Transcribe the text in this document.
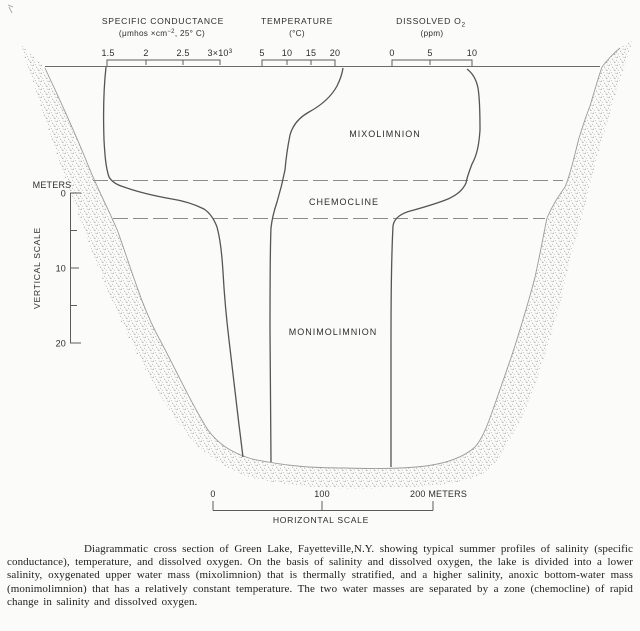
SPECIFIC CONDUCTANCE
(μmhos $\times cm^{-2}$, 25° C)
1.5	2	2.5 $3\times 10^3$
TEMPERATURE
(°C)
5 10 15 20
DISSOLVED $O_2$
(ppm)
0	5	10
MIXOLIMNION
CHEMOCLINE
MONIMOLIMNION
METERS
0
10
20
VERTICAL SCALE
0	100	200 METERS
HORIZONTAL SCALE
Diagrammatic cross section of Green Lake, Fayetteville,N.Y. showing typical summer profiles of salinity (specific conductance), temperature, and dissolved oxygen. On the basis of salinity and dissolved oxygen, the lake is divided into a lower salinity, oxygenated upper water mass (mixolimnion) that is thermally stratified, and a higher salinity, anoxic bottom-water mass (monimolimnion) that has a relatively constant temperature. The two water masses are separated by a zone (chemocline) of rapid change in salinity and dissolved oxygen.
